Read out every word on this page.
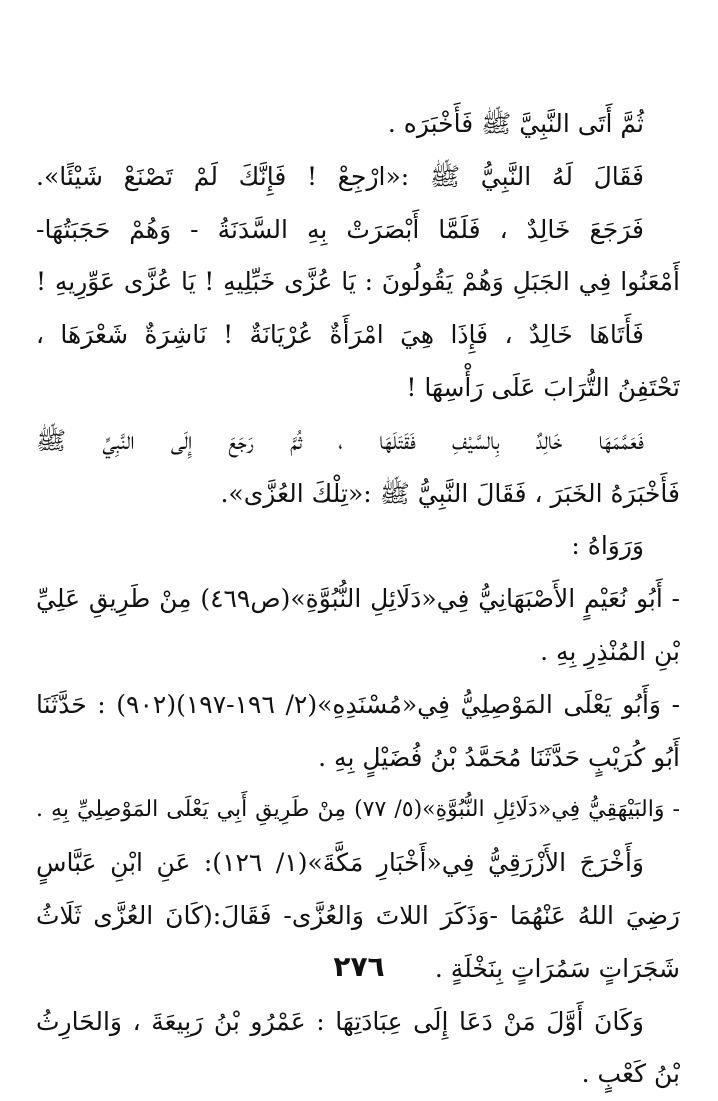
ثُمَّ أَتَى النَّبِيَّ ﷺ فَأَخْبَرَه .
فَقَالَ لَهُ النَّبِيُّ ﷺ :«ارْجِعْ ! فَإِنَّكَ لَمْ تَصْنَعْ شَيْئًا».
فَرَجَعَ خَالِدٌ ، فَلَمَّا أَبْصَرَتْ بِهِ السَّدَنَةُ - وَهُمْ حَجَبَتُهَا-
أَمْعَنُوا فِي الجَبَلِ وَهُمْ يَقُولُونَ : يَا عُزَّى خَبِّلِيهِ ! يَا عُزَّى عَوِّرِيهِ !
فَأَتَاهَا خَالِدٌ ، فَإِذَا هِيَ امْرَأَةٌ عُرْيَانَةٌ ! نَاشِرَةٌ شَعْرَهَا ،
تَحْتَفِنُ التُّرَابَ عَلَى رَأْسِهَا !
فَعَمَّمَهَا خَالِدٌ بِالسَّيْفِ فَقَتَلَهَا ، ثُمَّ رَجَعَ إِلَى النَّبِيِّ ﷺ
فَأَخْبَرَهُ الخَبَرَ ، فَقَالَ النَّبِيُّ ﷺ :«تِلْكَ العُزَّى».
وَرَوَاهُ :
- أَبُو نُعَيْمٍ الأَصْبَهَانِيُّ فِي«دَلَائِلِ النُّبُوَّةِ»(ص٤٦٩) مِنْ طَرِيقِ عَلِيِّ
بْنِ المُنْذِرِ بِهِ .
- وَأَبُو يَعْلَى المَوْصِلِيُّ فِي«مُسْنَدِهِ»(٢/ ١٩٦-١٩٧)(٩٠٢) : حَدَّثَنَا
أَبُو كُرَيْبٍ حَدَّثَنَا مُحَمَّدُ بْنُ فُضَيْلٍ بِهِ .
- وَالبَيْهَقِيُّ فِي«دَلَائِلِ النُّبُوَّةِ»(٥/ ٧٧) مِنْ طَرِيقِ أَبِي يَعْلَى المَوْصِلِيِّ بِهِ .
وَأَخْرَجَ الأَزْرَقِيُّ فِي«أَخْبَارِ مَكَّةَ»(١/ ١٢٦): عَنِ ابْنِ عَبَّاسٍ
رَضِيَ اللهُ عَنْهُمَا -وَذَكَرَ اللاتَ وَالعُزَّى- فَقَالَ:(كَانَ العُزَّى ثَلَاثُ
شَجَرَاتٍ سَمُرَاتٍ بِنَخْلَةٍ .
وَكَانَ أَوَّلَ مَنْ دَعَا إِلَى عِبَادَتِهَا : عَمْرُو بْنُ رَبِيعَةَ ، وَالحَارِثُ
بْنُ كَعْبٍ .
٢٧٦
